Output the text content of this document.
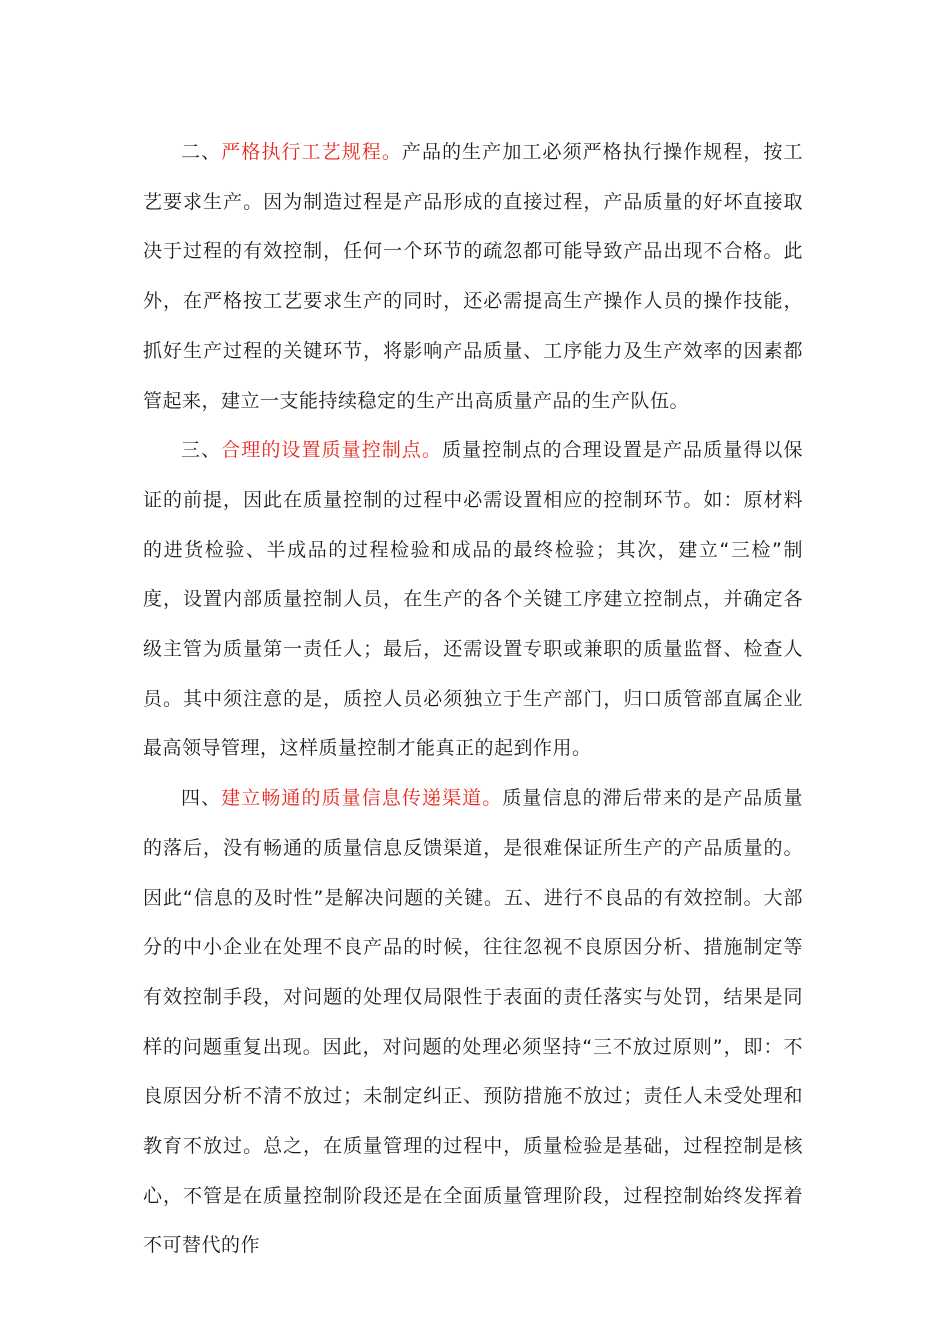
二、严格执行工艺规程。产品的生产加工必须严格执行操作规程，按工艺要求生产。因为制造过程是产品形成的直接过程，产品质量的好坏直接取决于过程的有效控制，任何一个环节的疏忽都可能导致产品出现不合格。此外，在严格按工艺要求生产的同时，还必需提高生产操作人员的操作技能，抓好生产过程的关键环节，将影响产品质量、工序能力及生产效率的因素都管起来，建立一支能持续稳定的生产出高质量产品的生产队伍。

三、合理的设置质量控制点。质量控制点的合理设置是产品质量得以保证的前提，因此在质量控制的过程中必需设置相应的控制环节。如：原材料的进货检验、半成品的过程检验和成品的最终检验；其次，建立“三检”制度，设置内部质量控制人员，在生产的各个关键工序建立控制点，并确定各级主管为质量第一责任人；最后，还需设置专职或兼职的质量监督、检查人员。其中须注意的是，质控人员必须独立于生产部门，归口质管部直属企业最高领导管理，这样质量控制才能真正的起到作用。

四、建立畅通的质量信息传递渠道。质量信息的滞后带来的是产品质量的落后，没有畅通的质量信息反馈渠道，是很难保证所生产的产品质量的。因此“信息的及时性”是解决问题的关键。五、进行不良品的有效控制。大部分的中小企业在处理不良产品的时候，往往忽视不良原因分析、措施制定等有效控制手段，对问题的处理仅局限性于表面的责任落实与处罚，结果是同样的问题重复出现。因此，对问题的处理必须坚持“三不放过原则”，即：不良原因分析不清不放过；未制定纠正、预防措施不放过；责任人未受处理和教育不放过。总之，在质量管理的过程中，质量检验是基础，过程控制是核心，不管是在质量控制阶段还是在全面质量管理阶段，过程控制始终发挥着不可替代的作
